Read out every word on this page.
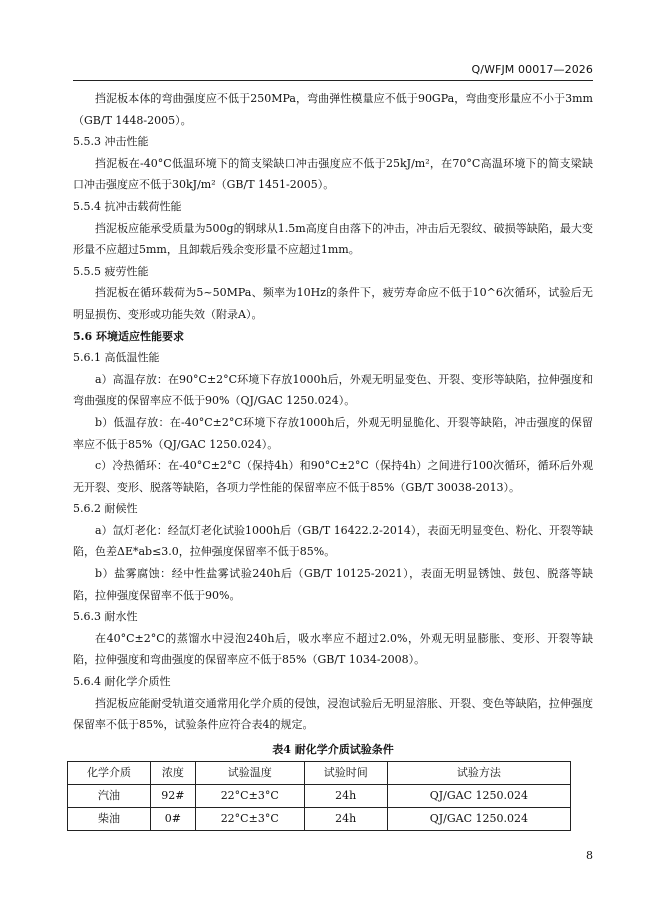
Q/WFJM 00017—2026

挡泥板本体的弯曲强度应不低于250MPa，弯曲弹性模量应不低于90GPa，弯曲变形量应不小于3mm（GB/T 1448-2005）。

5.5.3 冲击性能

挡泥板在-40°C低温环境下的简支梁缺口冲击强度应不低于25kJ/m²，在70°C高温环境下的简支梁缺口冲击强度应不低于30kJ/m²（GB/T 1451-2005）。

5.5.4 抗冲击载荷性能

挡泥板应能承受质量为500g的钢球从1.5m高度自由落下的冲击，冲击后无裂纹、破损等缺陷，最大变形量不应超过5mm，且卸载后残余变形量不应超过1mm。

5.5.5 疲劳性能

挡泥板在循环载荷为5~50MPa、频率为10Hz的条件下，疲劳寿命应不低于10^6次循环，试验后无明显损伤、变形或功能失效（附录A）。

5.6 环境适应性能要求

5.6.1 高低温性能

a）高温存放：在90°C±2°C环境下存放1000h后，外观无明显变色、开裂、变形等缺陷，拉伸强度和弯曲强度的保留率应不低于90%（QJ/GAC 1250.024）。

b）低温存放：在-40°C±2°C环境下存放1000h后，外观无明显脆化、开裂等缺陷，冲击强度的保留率应不低于85%（QJ/GAC 1250.024）。

c）冷热循环：在-40°C±2°C（保持4h）和90°C±2°C（保持4h）之间进行100次循环，循环后外观无开裂、变形、脱落等缺陷，各项力学性能的保留率应不低于85%（GB/T 30038-2013）。

5.6.2 耐候性

a）氙灯老化：经氙灯老化试验1000h后（GB/T 16422.2-2014），表面无明显变色、粉化、开裂等缺陷，色差ΔE*ab≤3.0，拉伸强度保留率不低于85%。

b）盐雾腐蚀：经中性盐雾试验240h后（GB/T 10125-2021），表面无明显锈蚀、鼓包、脱落等缺陷，拉伸强度保留率不低于90%。

5.6.3 耐水性

在40°C±2°C的蒸馏水中浸泡240h后，吸水率应不超过2.0%，外观无明显膨胀、变形、开裂等缺陷，拉伸强度和弯曲强度的保留率应不低于85%（GB/T 1034-2008）。

5.6.4 耐化学介质性

挡泥板应能耐受轨道交通常用化学介质的侵蚀，浸泡试验后无明显溶胀、开裂、变色等缺陷，拉伸强度保留率不低于85%，试验条件应符合表4的规定。

表4 耐化学介质试验条件
化学介质	浓度	试验温度	试验时间	试验方法
汽油	92#	22°C±3°C	24h	QJ/GAC 1250.024
柴油	0#	22°C±3°C	24h	QJ/GAC 1250.024
8
